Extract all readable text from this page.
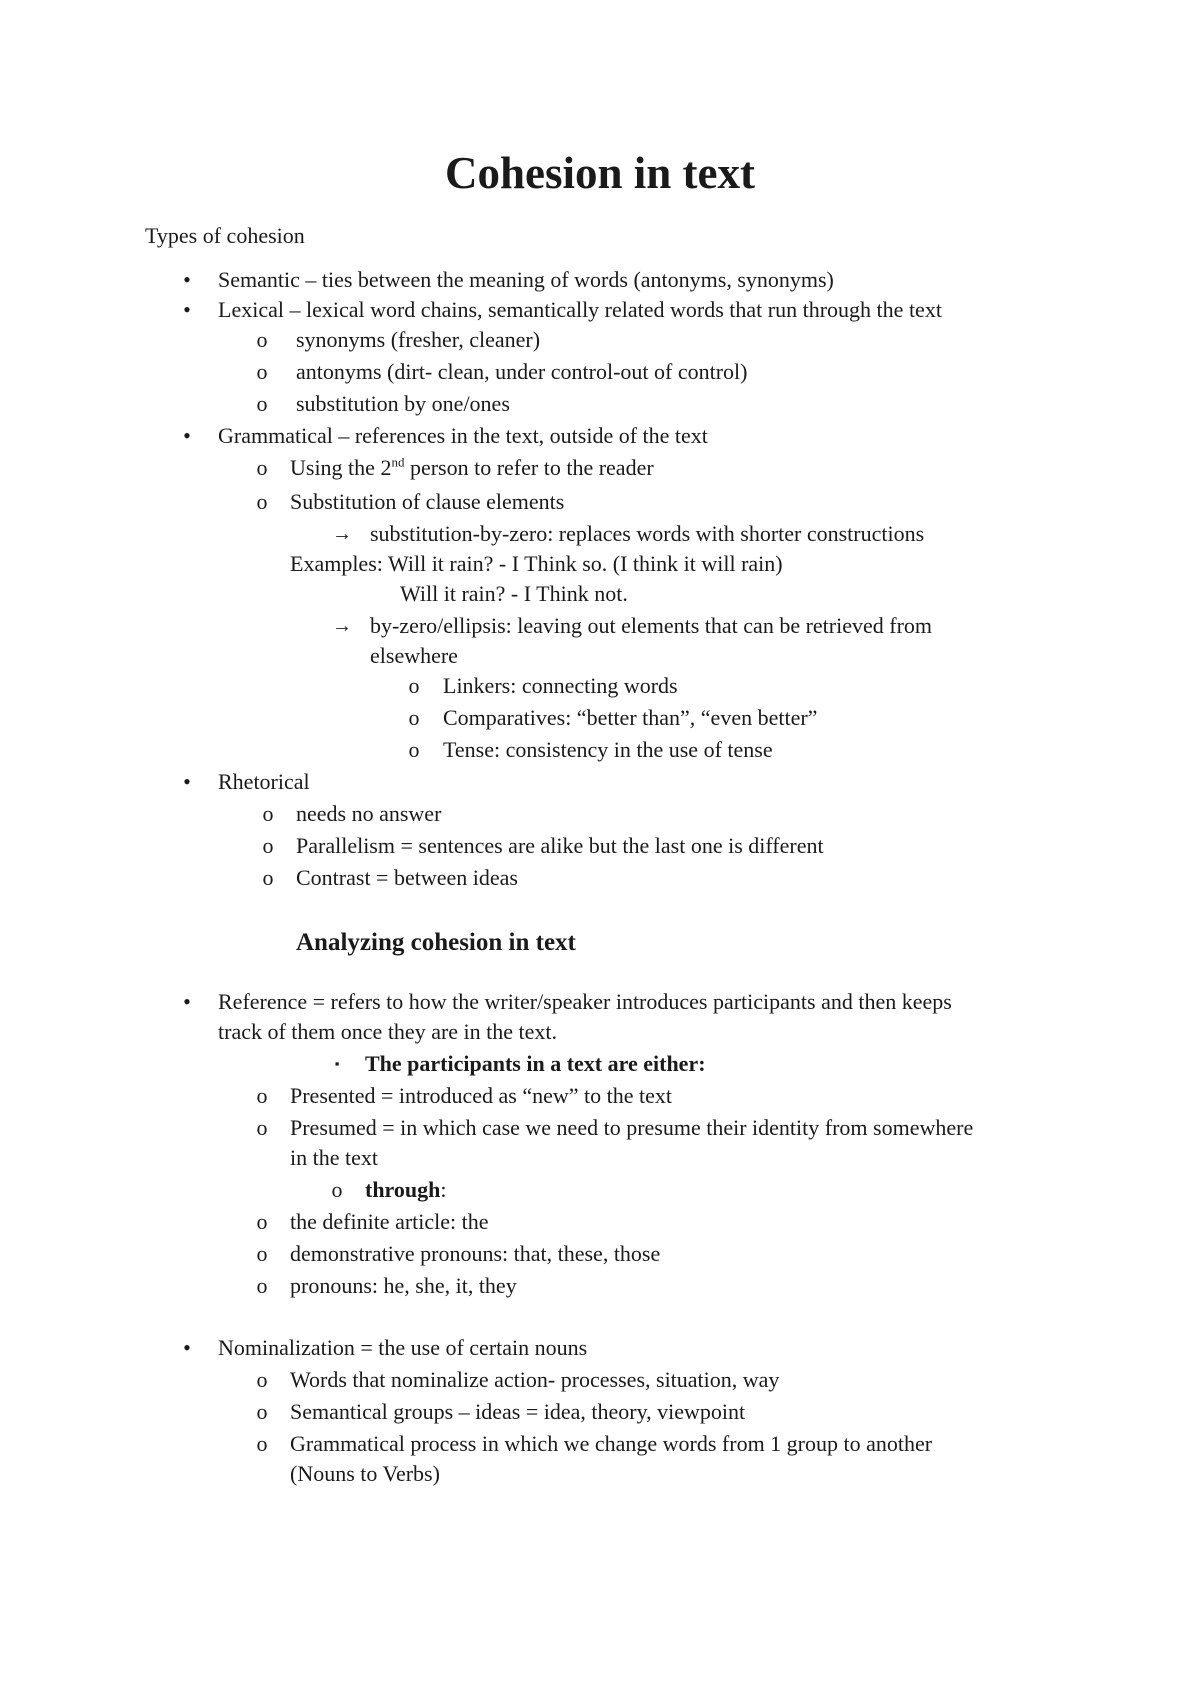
Cohesion in text
Types of cohesion
• Semantic – ties between the meaning of words (antonyms, synonyms)
• Lexical – lexical word chains, semantically related words that run through the text
o synonyms (fresher, cleaner)
o antonyms (dirt- clean, under control-out of control)
o substitution by one/ones
• Grammatical – references in the text, outside of the text
o Using the 2nd person to refer to the reader
o Substitution of clause elements
→ substitution-by-zero: replaces words with shorter constructions
Examples: Will it rain? - I Think so. (I think it will rain)
Will it rain? - I Think not.
→ by-zero/ellipsis: leaving out elements that can be retrieved from
elsewhere
o Linkers: connecting words
o Comparatives: “better than”, “even better”
o Tense: consistency in the use of tense
• Rhetorical
o needs no answer
o Parallelism = sentences are alike but the last one is different
o Contrast = between ideas
Analyzing cohesion in text
• Reference = refers to how the writer/speaker introduces participants and then keeps
track of them once they are in the text.
▪	The participants in a text are either:
o Presented = introduced as “new” to the text
o Presumed = in which case we need to presume their identity from somewhere
in the text
o through:
o the definite article: the
o demonstrative pronouns: that, these, those
o pronouns: he, she, it, they
• Nominalization = the use of certain nouns
o Words that nominalize action- processes, situation, way
o Semantical groups – ideas = idea, theory, viewpoint
o Grammatical process in which we change words from 1 group to another
(Nouns to Verbs)
